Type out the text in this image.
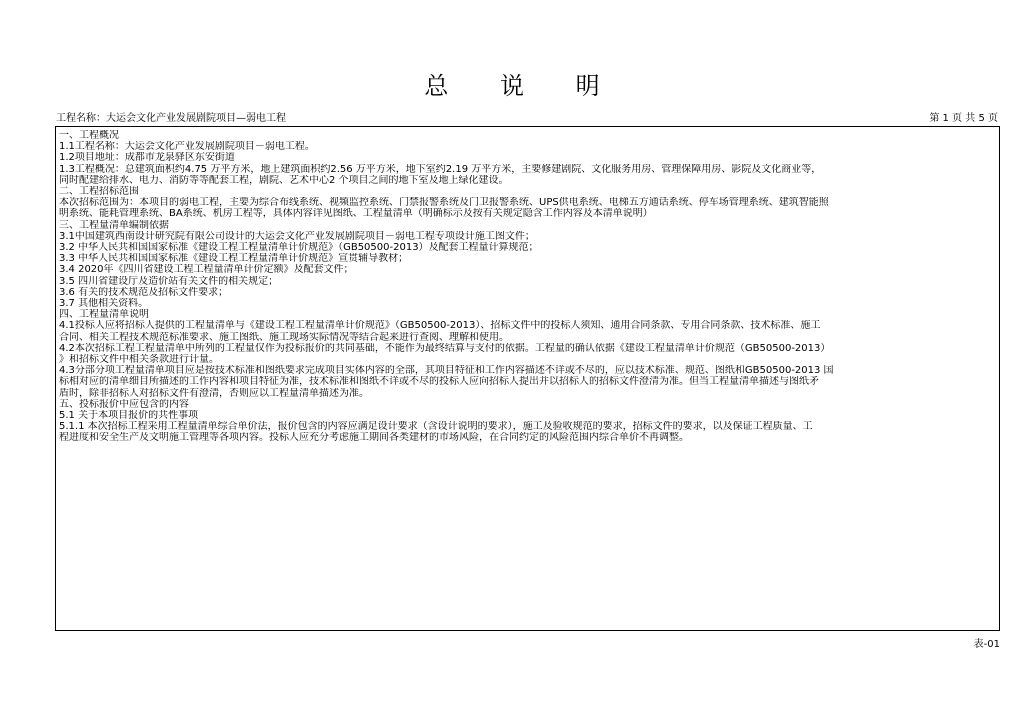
总 说 明
工程名称：大运会文化产业发展剧院项目—弱电工程	第 1 页 共 5 页
一、工程概况
1.1工程名称：大运会文化产业发展剧院项目－弱电工程。
1.2项目地址：成都市龙泉驿区东安街道
1.3工程概况：总建筑面积约4.75 万平方米，地上建筑面积约2.56 万平方米，地下室约2.19 万平方米，主要修建剧院、文化服务用房、管理保障用房、影院及文化商业等，
同时配建给排水、电力、消防等等配套工程，剧院、艺术中心2 个项目之间的地下室及地上绿化建设。
二、工程招标范围
本次招标范围为：本项目的弱电工程，主要为综合布线系统、视频监控系统、门禁报警系统及门卫报警系统、UPS供电系统、电梯五方通话系统、停车场管理系统、建筑智能照
明系统、能耗管理系统、BA系统、机房工程等，具体内容详见图纸、工程量清单（明确标示及按有关规定隐含工作内容及本清单说明）
三、工程量清单编制依据
3.1中国建筑西南设计研究院有限公司设计的大运会文化产业发展剧院项目－弱电工程专项设计施工图文件；
3.2 中华人民共和国国家标准《建设工程工程量清单计价规范》（GB50500-2013）及配套工程量计算规范；
3.3 中华人民共和国国家标准《建设工程工程量清单计价规范》宣贯辅导教材；
3.4 2020年《四川省建设工程工程量清单计价定额》及配套文件；
3.5 四川省建设厅及造价站有关文件的相关规定；
3.6 有关的技术规范及招标文件要求；
3.7 其他相关资料。
四、工程量清单说明
4.1投标人应将招标人提供的工程量清单与《建设工程工程量清单计价规范》（GB50500-2013）、招标文件中的投标人须知、通用合同条款、专用合同条款、技术标准、施工
合同、相关工程技术规范标准要求、施工图纸、施工现场实际情况等结合起来进行查阅、理解和使用。
4.2本次招标工程工程量清单中所列的工程量仅作为投标报价的共同基础，不能作为最终结算与支付的依据。工程量的确认依据《建设工程量清单计价规范（GB50500-2013）
》和招标文件中相关条款进行计量。
4.3分部分项工程量清单项目应是按技术标准和图纸要求完成项目实体内容的全部，其项目特征和工作内容描述不详或不尽的，应以技术标准、规范、图纸和GB50500-2013 国
标相对应的清单细目所描述的工作内容和项目特征为准，技术标准和图纸不详或不尽的投标人应向招标人提出并以招标人的招标文件澄清为准。但当工程量清单描述与图纸矛
盾时，除非招标人对招标文件有澄清，否则应以工程量清单描述为准。
五、投标报价中应包含的内容
5.1 关于本项目报价的共性事项
5.1.1 本次招标工程采用工程量清单综合单价法，报价包含的内容应满足设计要求（含设计说明的要求），施工及验收规范的要求，招标文件的要求，以及保证工程质量、工
程进度和安全生产及文明施工管理等各项内容。投标人应充分考虑施工期间各类建材的市场风险，在合同约定的风险范围内综合单价不再调整。
表-01
